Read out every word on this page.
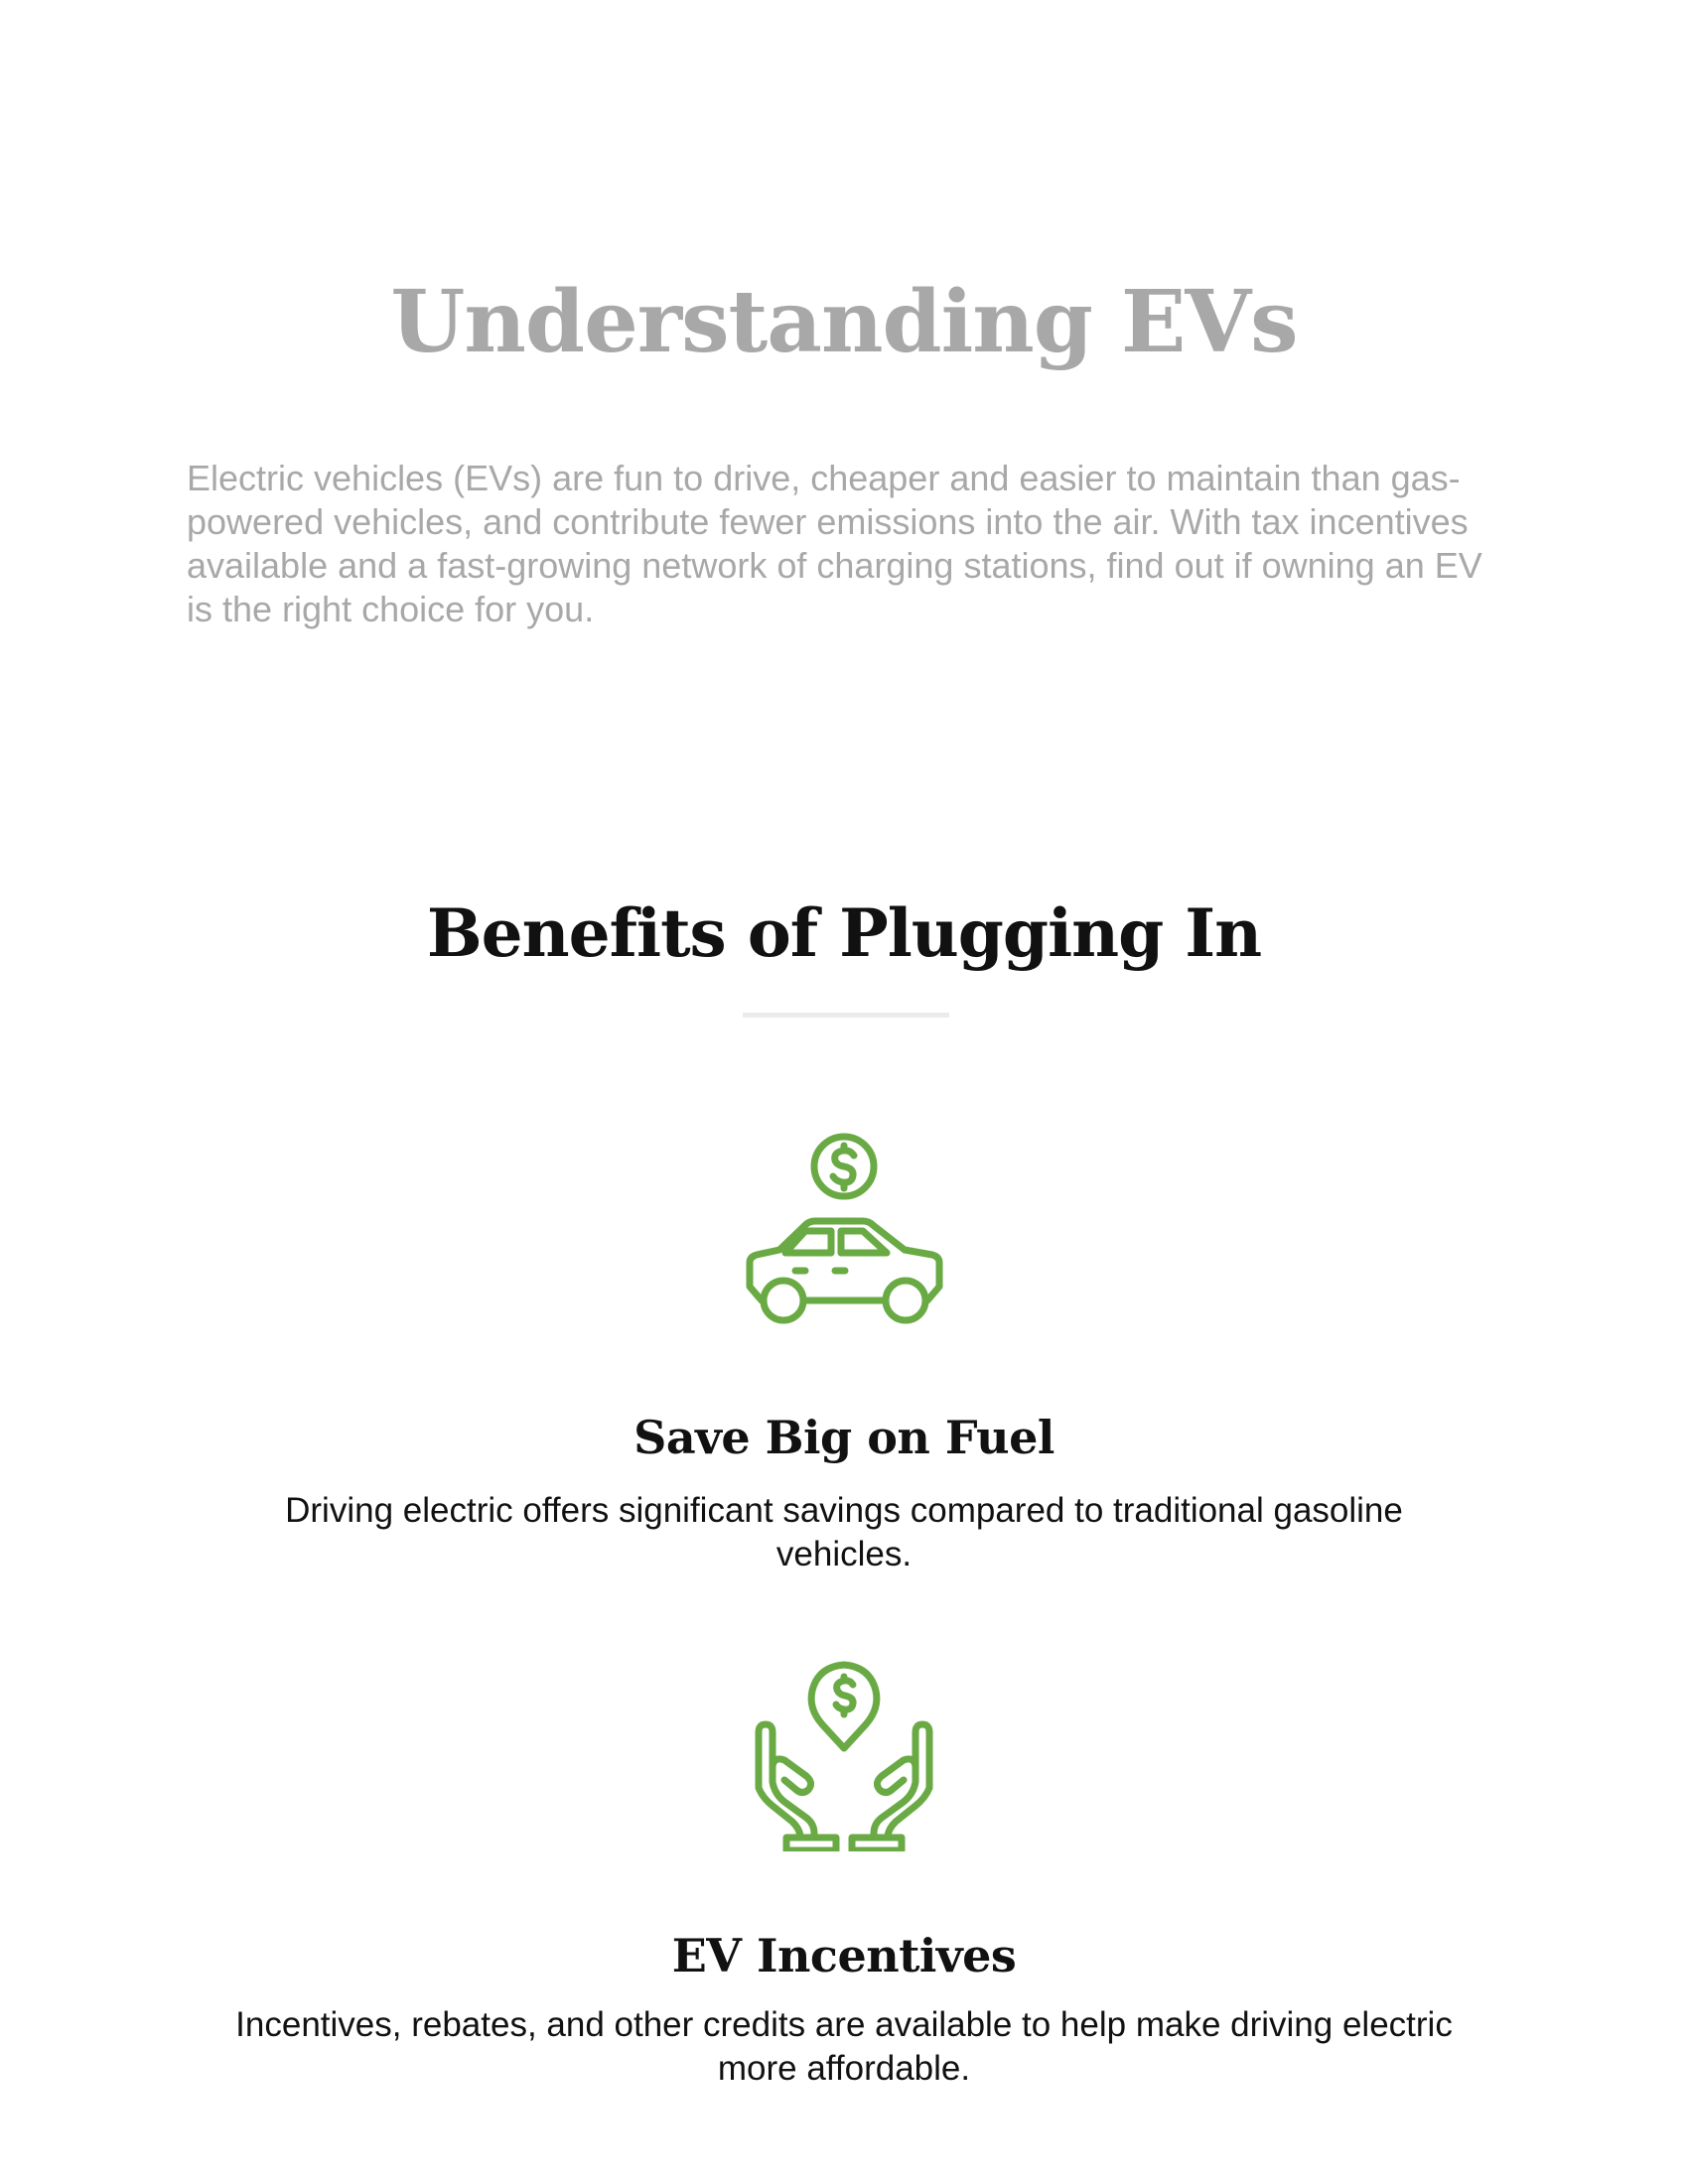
Understanding EVs

Electric vehicles (EVs) are fun to drive, cheaper and easier to maintain than gas-powered vehicles, and contribute fewer emissions into the air. With tax incentives available and a fast-growing network of charging stations, find out if owning an EV is the right choice for you.

Benefits of Plugging In
Save Big on Fuel

Driving electric offers significant savings compared to traditional gasoline vehicles.

EV Incentives

Incentives, rebates, and other credits are available to help make driving electric more affordable.
